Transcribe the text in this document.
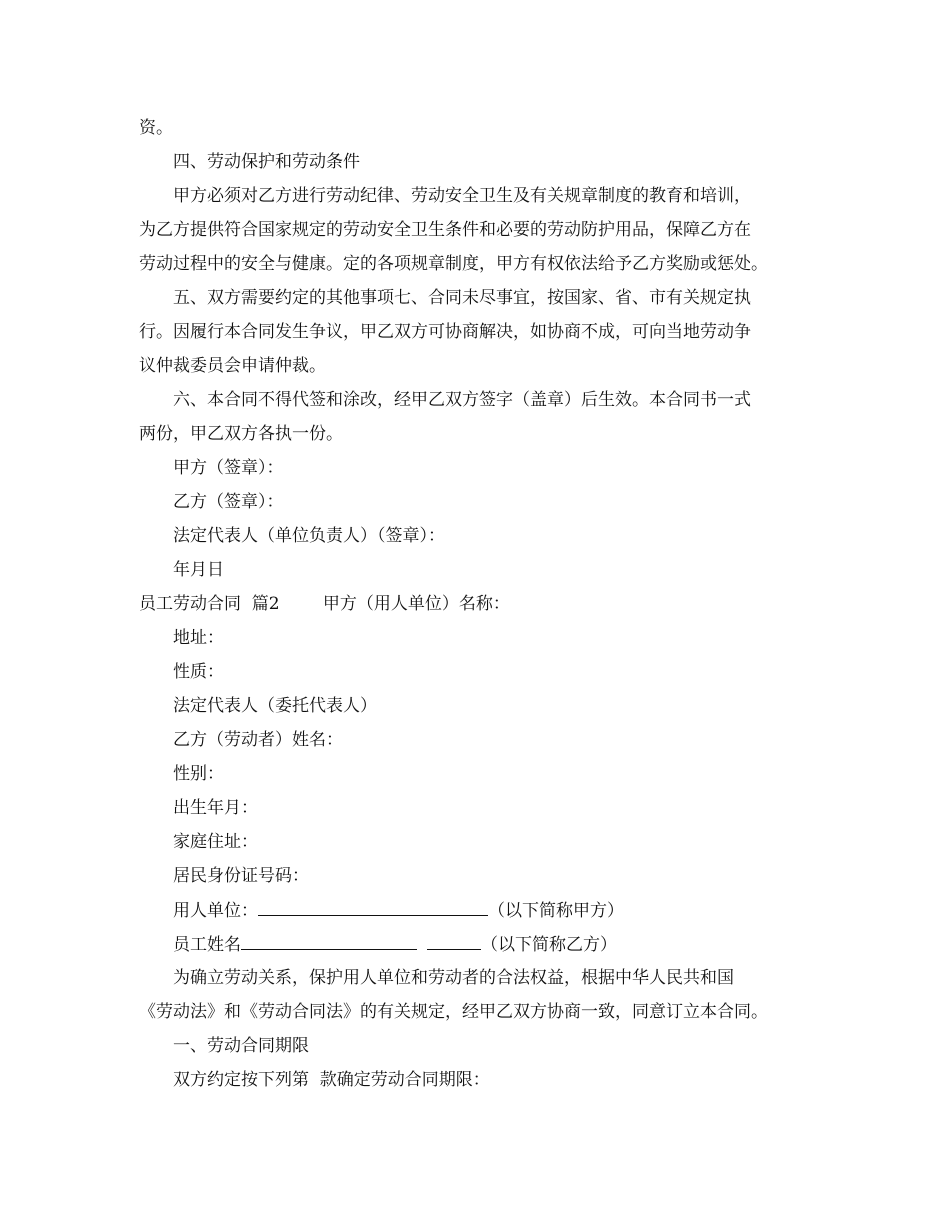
资。
四、劳动保护和劳动条件
甲方必须对乙方进行劳动纪律、劳动安全卫生及有关规章制度的教育和培训，
为乙方提供符合国家规定的劳动安全卫生条件和必要的劳动防护用品，保障乙方在
劳动过程中的安全与健康。定的各项规章制度，甲方有权依法给予乙方奖励或惩处。
五、双方需要约定的其他事项七、合同未尽事宜，按国家、省、市有关规定执
行。因履行本合同发生争议，甲乙双方可协商解决，如协商不成，可向当地劳动争
议仲裁委员会申请仲裁。
六、本合同不得代签和涂改，经甲乙双方签字（盖章）后生效。本合同书一式
两份，甲乙双方各执一份。
甲方（签章）：
乙方（签章）：
法定代表人（单位负责人）（签章）：
年月日
员工劳动合同  篇2        甲方（用人单位）名称：
地址：
性质：
法定代表人（委托代表人）
乙方（劳动者）姓名：
性别：
出生年月：
家庭住址：
居民身份证号码：
用人单位：	（以下简称甲方）
员工姓名	（以下简称乙方）
为确立劳动关系，保护用人单位和劳动者的合法权益，根据中华人民共和国
《劳动法》和《劳动合同法》的有关规定，经甲乙双方协商一致，同意订立本合同。
一、劳动合同期限
双方约定按下列第  款确定劳动合同期限：
